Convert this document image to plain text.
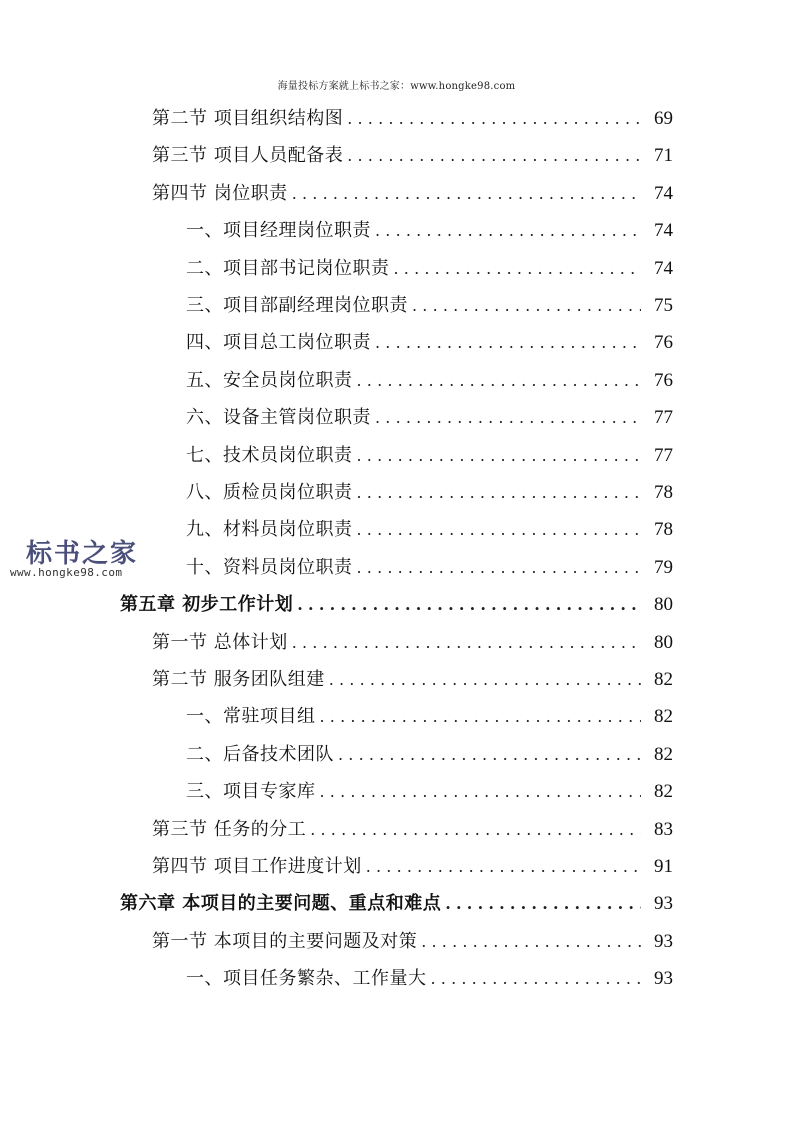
海量投标方案就上标书之家：www.hongke98.com
第二节 项目组织结构图 .....	69
第三节 项目人员配备表 .....	71
第四节 岗位职责 .....	74
一、项目经理岗位职责 .....	74
二、项目部书记岗位职责 .....	74
三、项目部副经理岗位职责 .....	75
四、项目总工岗位职责 .....	76
五、安全员岗位职责 .....	76
六、设备主管岗位职责 .....	77
七、技术员岗位职责 .....	77
八、质检员岗位职责 .....	78
九、材料员岗位职责 .....	78
十、资料员岗位职责 .....	79
第五章 初步工作计划 .....	80
第一节 总体计划 .....	80
第二节 服务团队组建 .....	82
一、常驻项目组 .....	82
二、后备技术团队 .....	82
三、项目专家库 .....	82
第三节 任务的分工 .....	83
第四节 项目工作进度计划 .....	91
第六章 本项目的主要问题、重点和难点 .....	93
第一节 本项目的主要问题及对策 .....	93
一、项目任务繁杂、工作量大 .....	93
标书之家
www.hongke98.com
